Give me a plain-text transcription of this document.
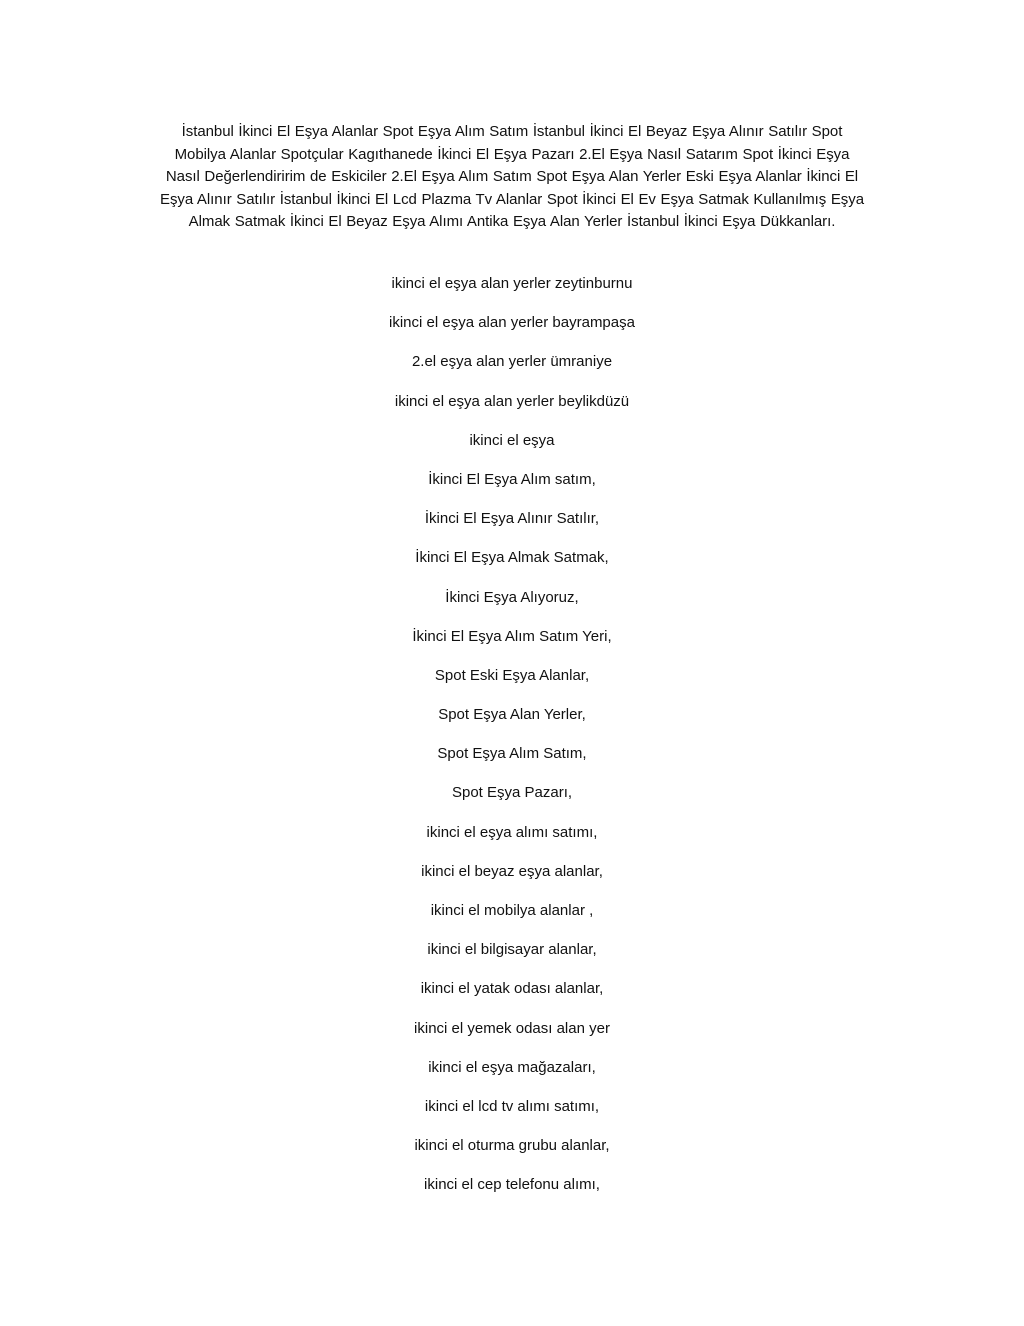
İstanbul İkinci El Eşya Alanlar Spot Eşya Alım Satım İstanbul İkinci El Beyaz Eşya Alınır Satılır Spot Mobilya Alanlar Spotçular Kagıthanede İkinci El Eşya Pazarı 2.El Eşya Nasıl Satarım Spot İkinci Eşya Nasıl Değerlendiririm de Eskiciler 2.El Eşya Alım Satım Spot Eşya Alan Yerler Eski Eşya Alanlar İkinci El Eşya Alınır Satılır İstanbul İkinci El Lcd Plazma Tv Alanlar Spot İkinci El Ev Eşya Satmak Kullanılmış Eşya Almak Satmak İkinci El Beyaz Eşya Alımı Antika Eşya Alan Yerler İstanbul İkinci Eşya Dükkanları.

ikinci el eşya alan yerler zeytinburnu
ikinci el eşya alan yerler bayrampaşa
2.el eşya alan yerler ümraniye
ikinci el eşya alan yerler beylikdüzü
ikinci el eşya
İkinci El Eşya Alım satım,
İkinci El Eşya Alınır Satılır,
İkinci El Eşya Almak Satmak,
İkinci Eşya Alıyoruz,
İkinci El Eşya Alım Satım Yeri,
Spot Eski Eşya Alanlar,
Spot Eşya Alan Yerler,
Spot Eşya Alım Satım,
Spot Eşya Pazarı,
ikinci el eşya alımı satımı,
ikinci el beyaz eşya alanlar,
ikinci el mobilya alanlar ,
ikinci el bilgisayar alanlar,
ikinci el yatak odası alanlar,
ikinci el yemek odası alan yer
ikinci el eşya mağazaları,
ikinci el lcd tv alımı satımı,
ikinci el oturma grubu alanlar,
ikinci el cep telefonu alımı,
